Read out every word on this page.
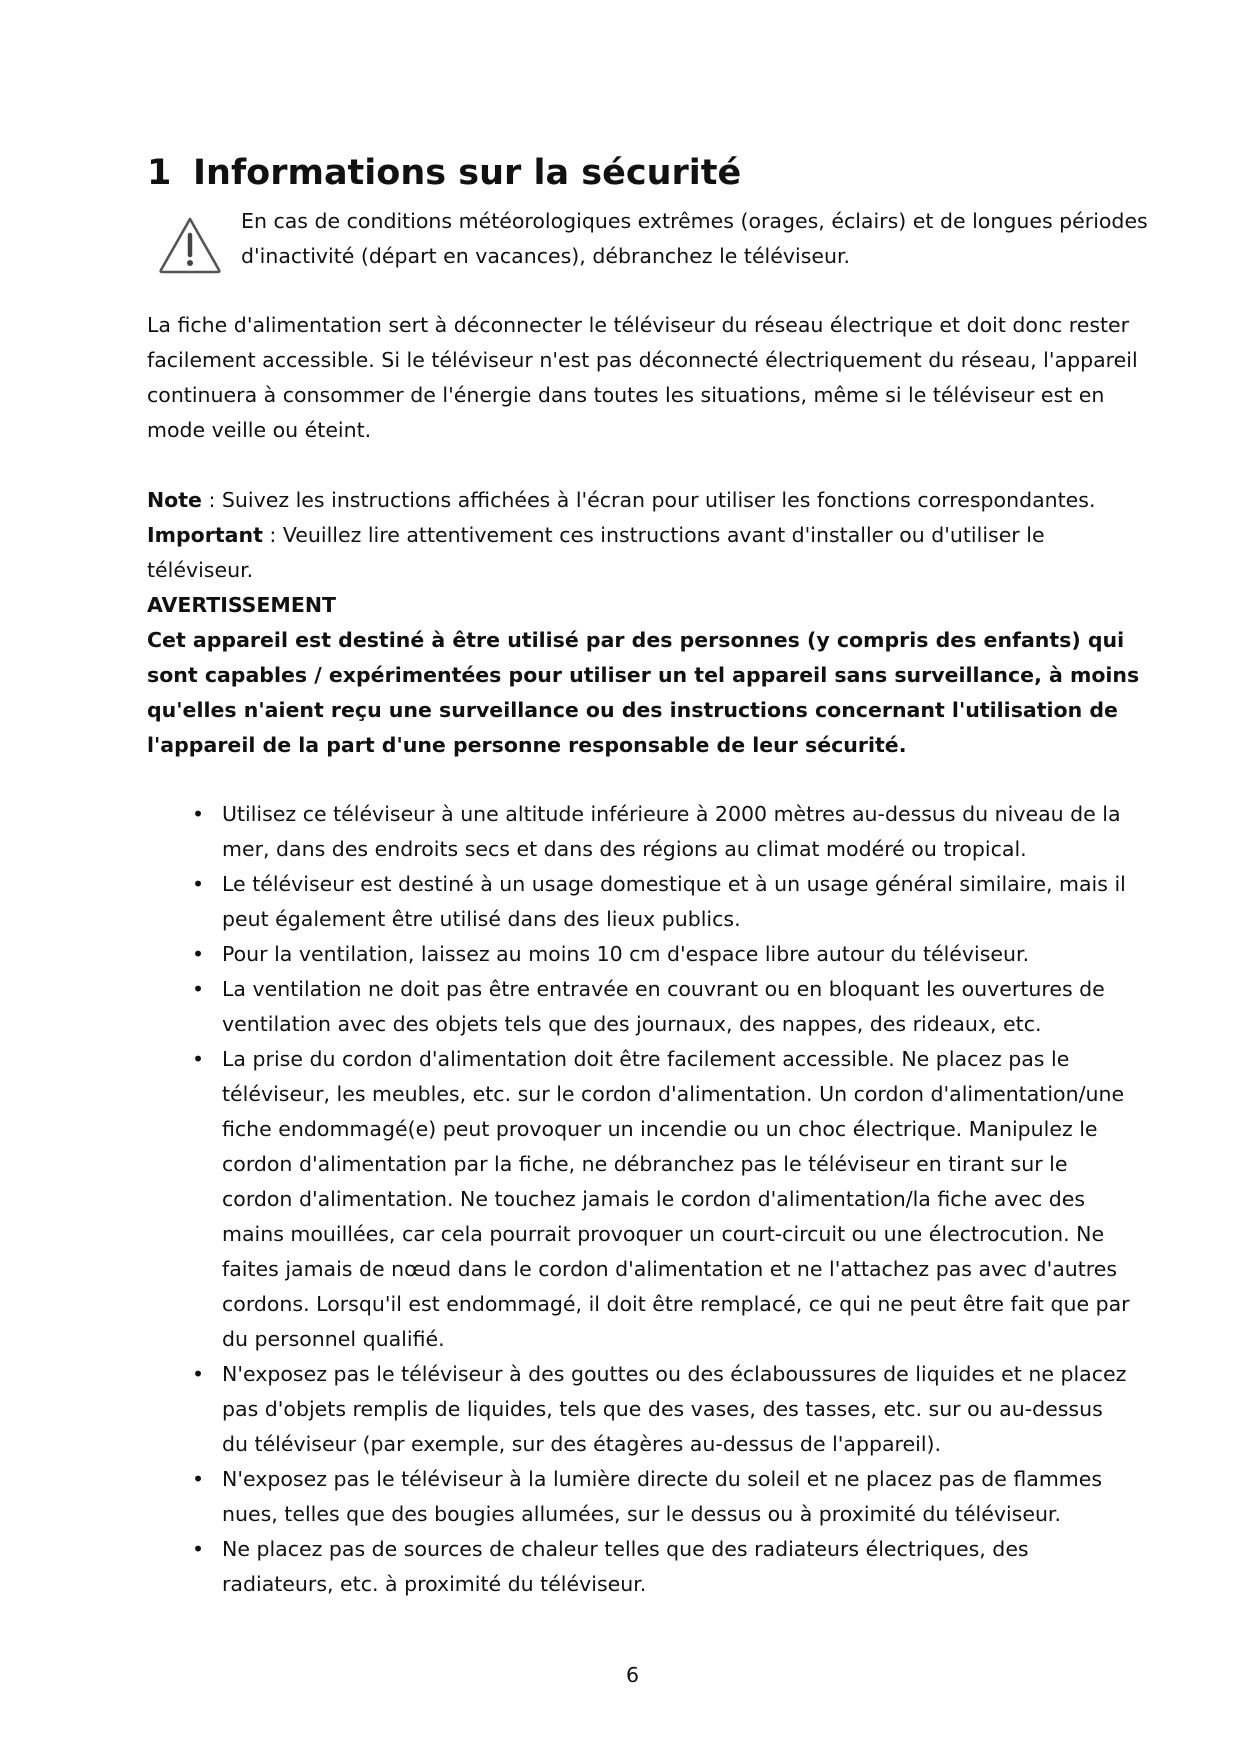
1 Informations sur la sécurité

En cas de conditions météorologiques extrêmes (orages, éclairs) et de longues périodes d'inactivité (départ en vacances), débranchez le téléviseur.

La fiche d'alimentation sert à déconnecter le téléviseur du réseau électrique et doit donc rester facilement accessible. Si le téléviseur n'est pas déconnecté électriquement du réseau, l'appareil continuera à consommer de l'énergie dans toutes les situations, même si le téléviseur est en mode veille ou éteint.

Note : Suivez les instructions affichées à l'écran pour utiliser les fonctions correspondantes.
Important : Veuillez lire attentivement ces instructions avant d'installer ou d'utiliser le téléviseur.

AVERTISSEMENT
Cet appareil est destiné à être utilisé par des personnes (y compris des enfants) qui sont capables / expérimentées pour utiliser un tel appareil sans surveillance, à moins qu'elles n'aient reçu une surveillance ou des instructions concernant l'utilisation de l'appareil de la part d'une personne responsable de leur sécurité.

• Utilisez ce téléviseur à une altitude inférieure à 2000 mètres au-dessus du niveau de la mer, dans des endroits secs et dans des régions au climat modéré ou tropical.
• Le téléviseur est destiné à un usage domestique et à un usage général similaire, mais il peut également être utilisé dans des lieux publics.
• Pour la ventilation, laissez au moins 10 cm d'espace libre autour du téléviseur.
• La ventilation ne doit pas être entravée en couvrant ou en bloquant les ouvertures de ventilation avec des objets tels que des journaux, des nappes, des rideaux, etc.
• La prise du cordon d'alimentation doit être facilement accessible. Ne placez pas le téléviseur, les meubles, etc. sur le cordon d'alimentation. Un cordon d'alimentation/une fiche endommagé(e) peut provoquer un incendie ou un choc électrique. Manipulez le cordon d'alimentation par la fiche, ne débranchez pas le téléviseur en tirant sur le cordon d'alimentation. Ne touchez jamais le cordon d'alimentation/la fiche avec des mains mouillées, car cela pourrait provoquer un court-circuit ou une électrocution. Ne faites jamais de nœud dans le cordon d'alimentation et ne l'attachez pas avec d'autres cordons. Lorsqu'il est endommagé, il doit être remplacé, ce qui ne peut être fait que par du personnel qualifié.
• N'exposez pas le téléviseur à des gouttes ou des éclaboussures de liquides et ne placez pas d'objets remplis de liquides, tels que des vases, des tasses, etc. sur ou au-dessus du téléviseur (par exemple, sur des étagères au-dessus de l'appareil).
• N'exposez pas le téléviseur à la lumière directe du soleil et ne placez pas de flammes nues, telles que des bougies allumées, sur le dessus ou à proximité du téléviseur.
• Ne placez pas de sources de chaleur telles que des radiateurs électriques, des radiateurs, etc. à proximité du téléviseur.
6
